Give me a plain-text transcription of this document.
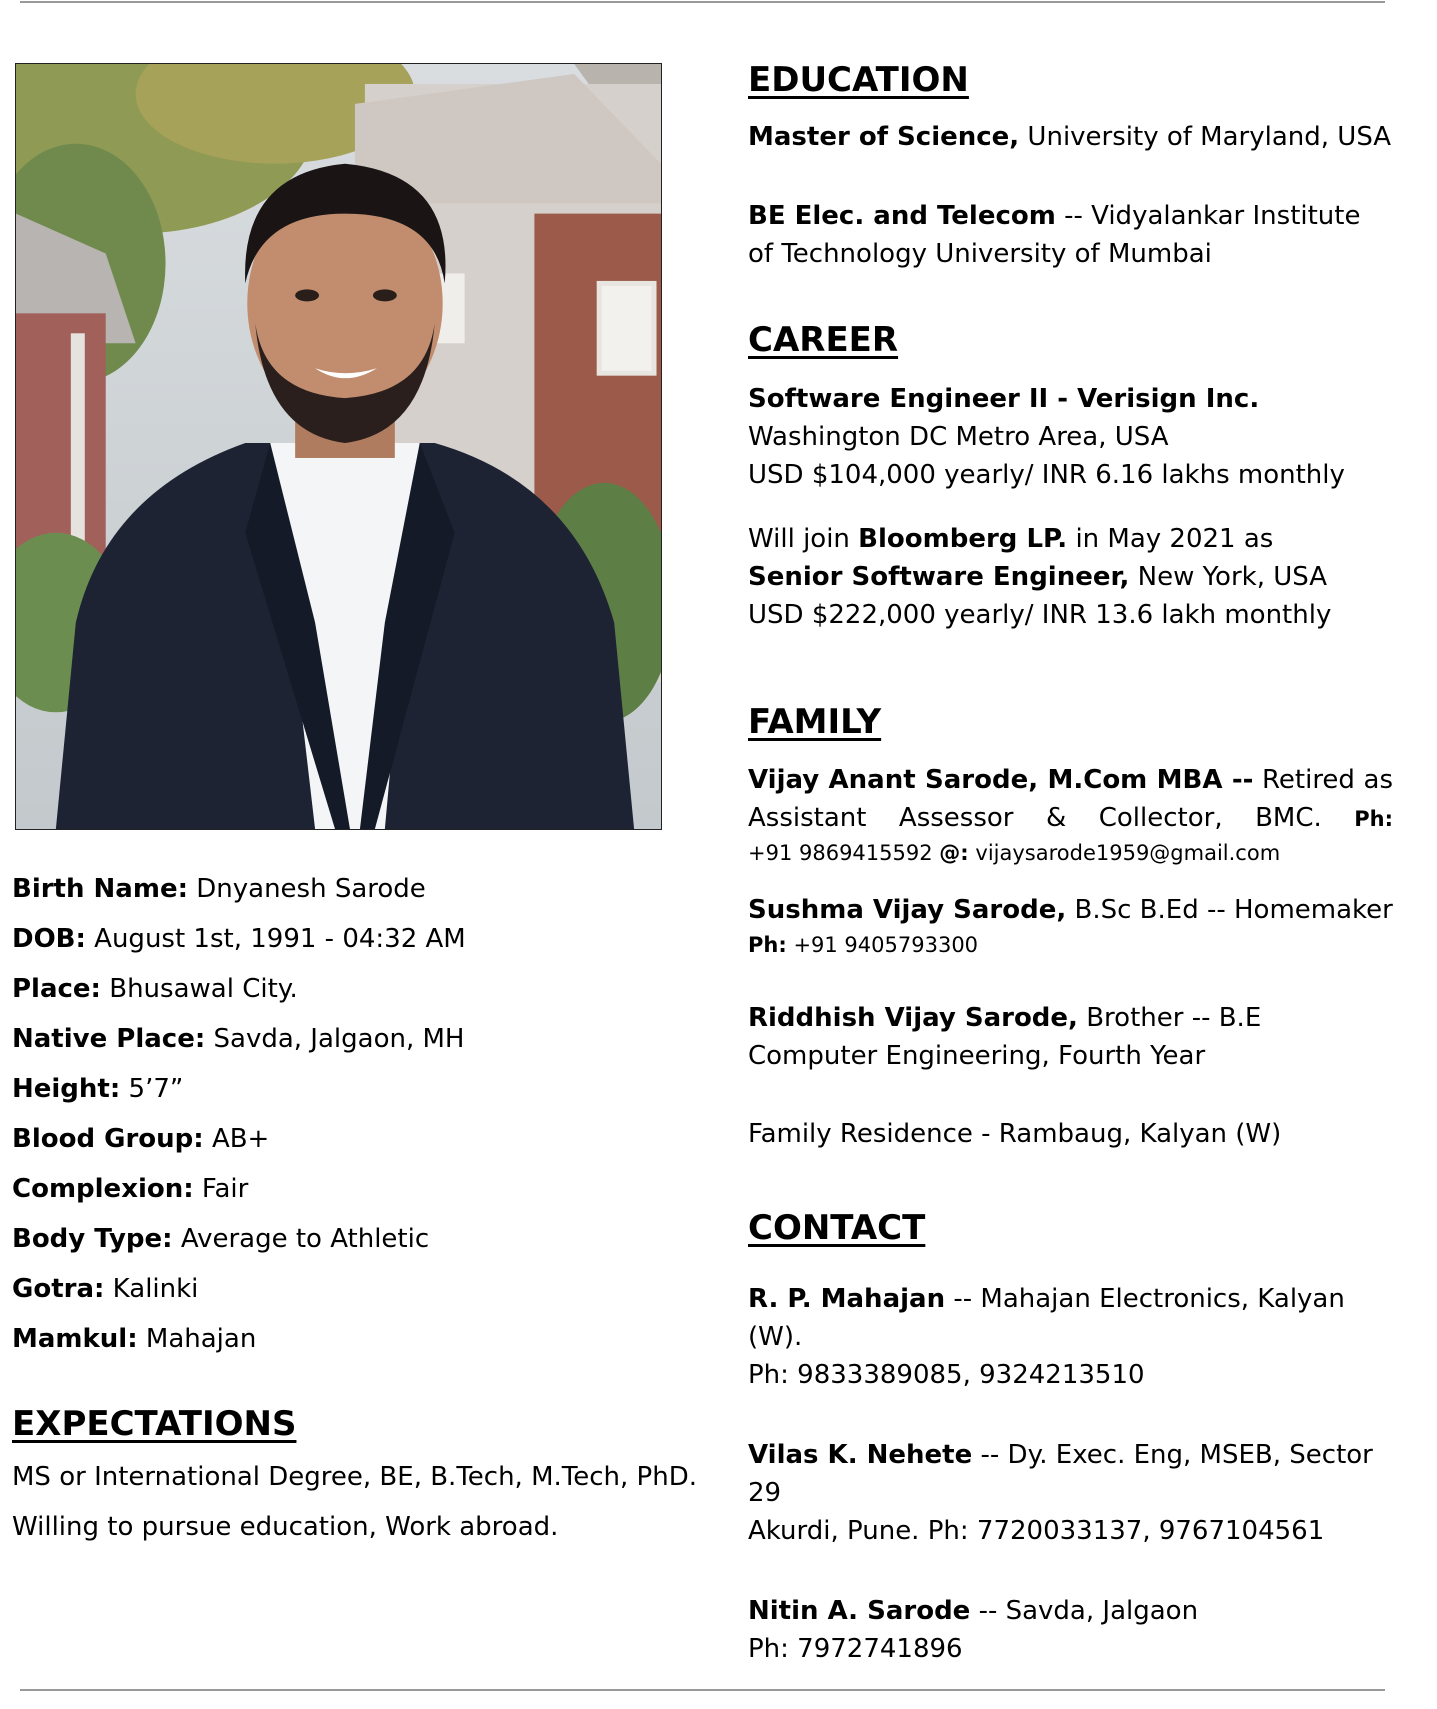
Birth Name: Dnyanesh Sarode
DOB: August 1st, 1991 - 04:32 AM
Place: Bhusawal City.
Native Place: Savda, Jalgaon, MH
Height: 5’7”
Blood Group: AB+
Complexion: Fair
Body Type: Average to Athletic
Gotra: Kalinki
Mamkul: Mahajan
EXPECTATIONS
MS or International Degree, BE, B.Tech, M.Tech, PhD.
Willing to pursue education, Work abroad.
EDUCATION
Master of Science, University of Maryland, USA
BE Elec. and Telecom -- Vidyalankar Institute of Technology University of Mumbai
CAREER
Software Engineer II - Verisign Inc.
Washington DC Metro Area, USA
USD $104,000 yearly/ INR 6.16 lakhs monthly
Will join Bloomberg LP. in May 2021 as
Senior Software Engineer, New York, USA
USD $222,000 yearly/ INR 13.6 lakh monthly
FAMILY
Vijay Anant Sarode, M.Com MBA -- Retired as
Assistant Assessor & Collector, BMC. Ph:
+91 9869415592 @: vijaysarode1959@gmail.com
Sushma Vijay Sarode, B.Sc B.Ed -- Homemaker
Ph: +91 9405793300
Riddhish Vijay Sarode, Brother -- B.E Computer Engineering, Fourth Year
Family Residence - Rambaug, Kalyan (W)
CONTACT
R. P. Mahajan -- Mahajan Electronics, Kalyan (W).
Ph: 9833389085, 9324213510
Vilas K. Nehete -- Dy. Exec. Eng, MSEB, Sector 29
Akurdi, Pune. Ph: 7720033137, 9767104561
Nitin A. Sarode -- Savda, Jalgaon
Ph: 7972741896
